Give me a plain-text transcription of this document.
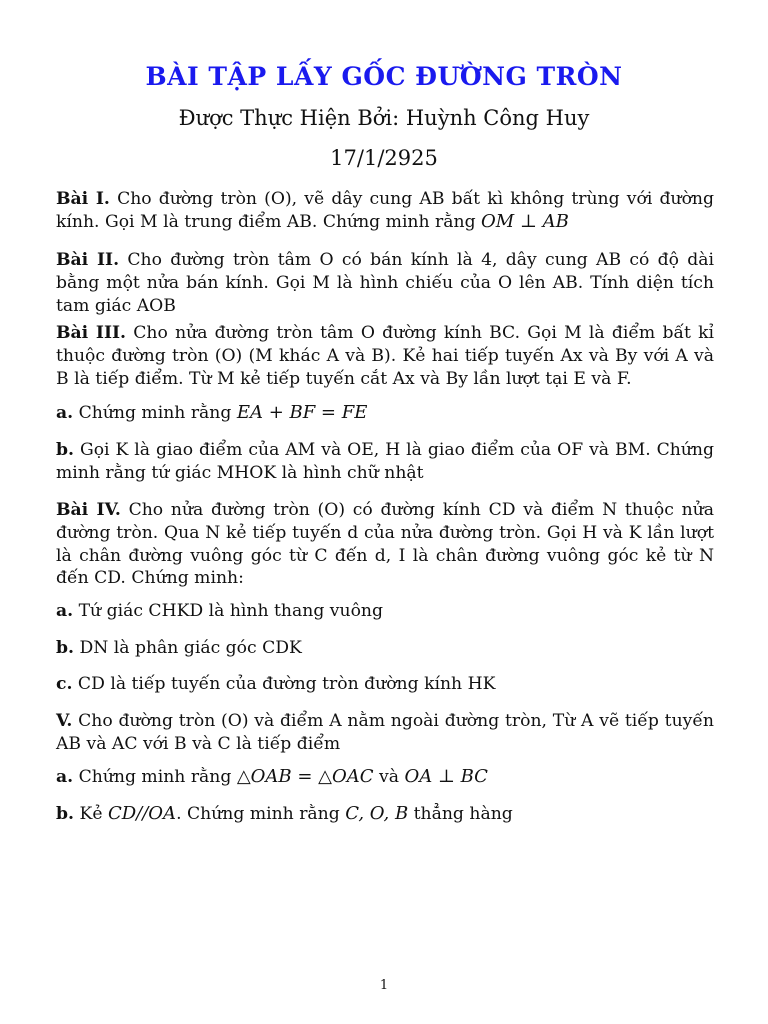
BÀI TẬP LẤY GỐC ĐƯỜNG TRÒN
Được Thực Hiện Bởi: Huỳnh Công Huy
17/1/2925
Bài I. Cho đường tròn (O), vẽ dây cung AB bất kì không trùng với đường kính. Gọi M là trung điểm AB. Chứng minh rằng OM ⊥ AB
Bài II. Cho đường tròn tâm O có bán kính là 4, dây cung AB có độ dài bằng một nửa bán kính. Gọi M là hình chiếu của O lên AB. Tính diện tích tam giác AOB
Bài III. Cho nửa đường tròn tâm O đường kính BC. Gọi M là điểm bất kỉ thuộc đường tròn (O) (M khác A và B). Kẻ hai tiếp tuyến Ax và By với A và B là tiếp điểm. Từ M kẻ tiếp tuyến cắt Ax và By lần lượt tại E và F.
a. Chứng minh rằng EA + BF = FE
b. Gọi K là giao điểm của AM và OE, H là giao điểm của OF và BM. Chứng minh rằng tứ giác MHOK là hình chữ nhật
Bài IV. Cho nửa đường tròn (O) có đường kính CD và điểm N thuộc nửa đường tròn. Qua N kẻ tiếp tuyến d của nửa đường tròn. Gọi H và K lần lượt là chân đường vuông góc từ C đến d, I là chân đường vuông góc kẻ từ N đến CD. Chứng minh:
a. Tứ giác CHKD là hình thang vuông
b. DN là phân giác góc CDK
c. CD là tiếp tuyến của đường tròn đường kính HK
V. Cho đường tròn (O) và điểm A nằm ngoài đường tròn, Từ A vẽ tiếp tuyến AB và AC với B và C là tiếp điểm
a. Chứng minh rằng △OAB = △OAC và OA ⊥ BC
b. Kẻ CD//OA. Chứng minh rằng C, O, B thẳng hàng
1
